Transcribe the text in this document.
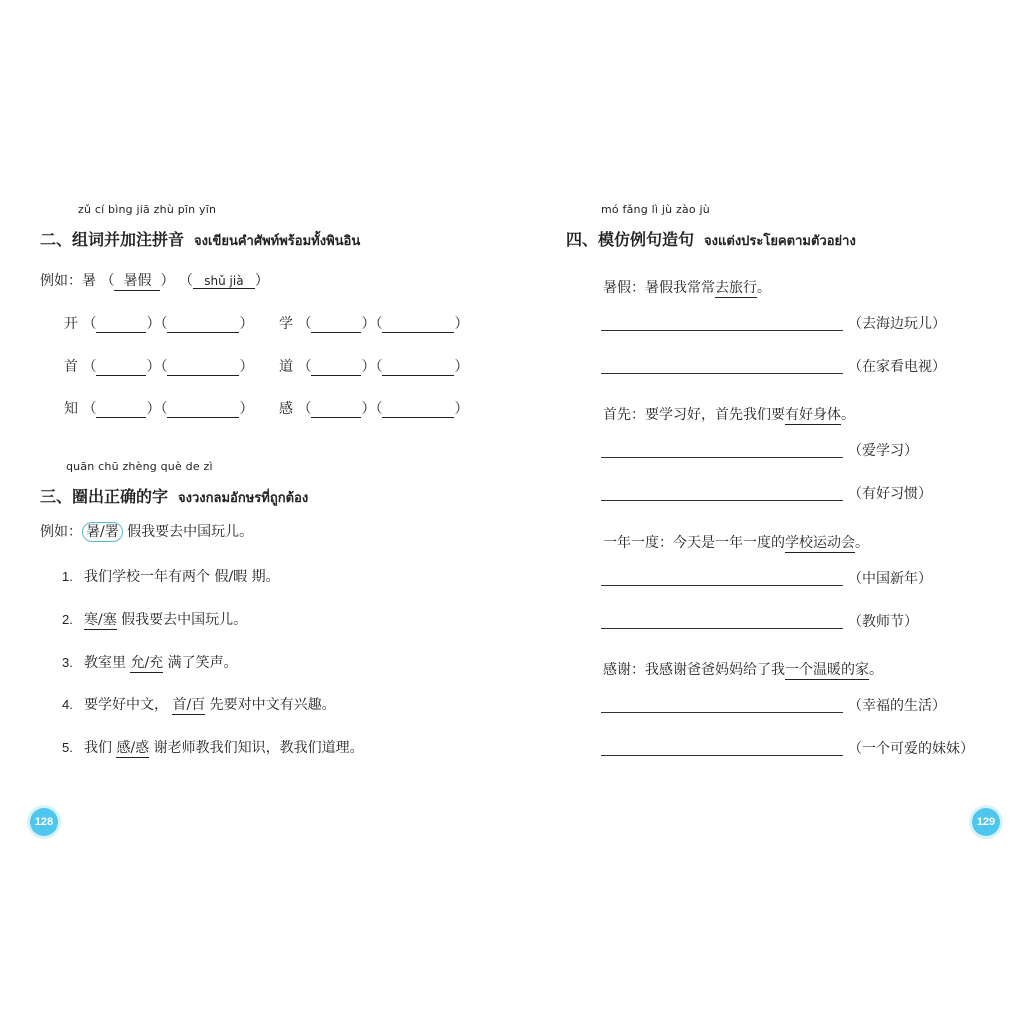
zǔ cí bìng jiā zhù pīn yīn
二、组词并加注拼音 จงเขียนคำศัพท์พร้อมทั้งพินอิน
例如：暑 （ 暑假 ） （ shǔ jià ）
开 （	）（	） 学 （	）（	）
首 （	）（	） 道 （	）（	）
知 （	）（	） 感 （	）（	）
quān chū zhèng què de zì
三、圈出正确的字 จงวงกลมอักษรที่ถูกต้อง
例如： 暑/署 假我要去中国玩儿。
1. 我们学校一年有两个 假/暇 期。
2. 寒/塞 假我要去中国玩儿。
3. 教室里 允/充 满了笑声。
4. 要学好中文， 首/百 先要对中文有兴趣。
5. 我们 感/惑 谢老师教我们知识，教我们道理。
128
mó fǎng lì jù zào jù
四、模仿例句造句 จงแต่งประโยคตามตัวอย่าง
暑假：暑假我常常去旅行。
（去海边玩儿）
（在家看电视）
首先：要学习好，首先我们要有好身体。
（爱学习）
（有好习惯）
一年一度：今天是一年一度的学校运动会。
（中国新年）
（教师节）
感谢：我感谢爸爸妈妈给了我一个温暖的家。
（幸福的生活）
（一个可爱的妹妹）
129
